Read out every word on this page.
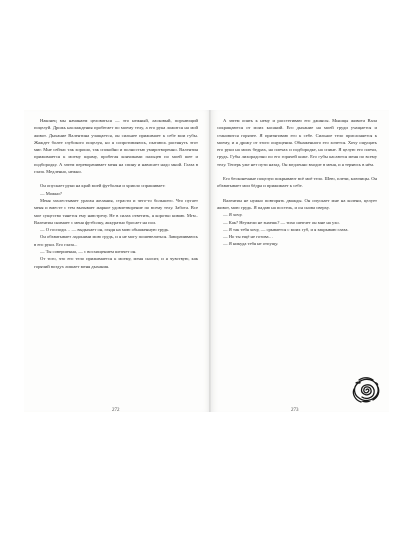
Наконец мы начинаем целоваться — это нежный, ласковый, порхающий поцелуй. Дрожь наслаждения пробегает по моему телу, а его рука ложится на мой живот. Дыхание Валентина учащается, он сильнее прижимает к себе мои губы. Жаждет более глубокого поцелуя, но я сопротивляюсь, пытаюсь растянуть этот миг. Мне сейчас так хорошо, так спокойно и полностью умиротворенно. Валентин прижимается к моему шраму, пробегая кончиками пальцев по моей шее и подбородку. А затем переворачивает меня на спину и нависает надо мной. Глаза в глаза. Медленно, нежно.

Он опускает руки на край моей футболки и хрипло спрашивает:

— Можно?

Меня захлестывает ураган желания, страсти и чего-то большего. Что пугает меня и вместе с тем вызывает жаркое удовлетворение по всему телу. Забота. Все мое существо тянется ему навстречу. Не в силах ответить, я коротко киваю. Мгм.. Валентин снимает с меня футболку, аккуратно бросает на пол.

— О господи… — выдыхает он, глядя на мою обнаженную грудь.

Он обхватывает ладонями мою грудь, и я не могу пошевелиться. Заворачиваюсь в его руки. Его глаза...

— Ты совершенна, — с восхищением шепчет он.

От того, что его тело прижимается к моему, меня сносит, и я чувствую, как горячий воздух лишает меня дыхания.

272

А затем опять к нему и расстегиваю его джинсы. Мышцы живота Вала сокращаются от моих касаний. Его дыхание на моей груди учащается и становится горячее. Я притягиваю его к себе. Сильное тело прислоняется к моему, и я дрожу от этого ощущения. Обнаженного его хочется. Хочу ощущать его руки на моих бедрах, на плечах и подбородке, на спине. Я целую его плечи, грудь. Губы лихорадочно по его горячей коже. Его губы касаются меня по всему телу. Теперь уже нет пути назад. Он медленно входит в меня, и я теряюсь в нём.

Его бесконечные поцелуи покрывают всё моё тело. Шею, плечи, ключицы. Он обхватывает мои бёдра и прижимает к себе.

Валентин не нужно повторять дважды. Он опускает мне на колени, целует живот, мою грудь. Я падаю на постель, и он снова сверху.

— Я хочу.

— Как? Неужели не знаешь? — тихо шепчет он мне на ухо.

— Я так тебя хочу, — срывается с моих губ, и я закрываю глаза.

— Но ты ещё не готова…

— Я никуда тебя не отпущу.

273
